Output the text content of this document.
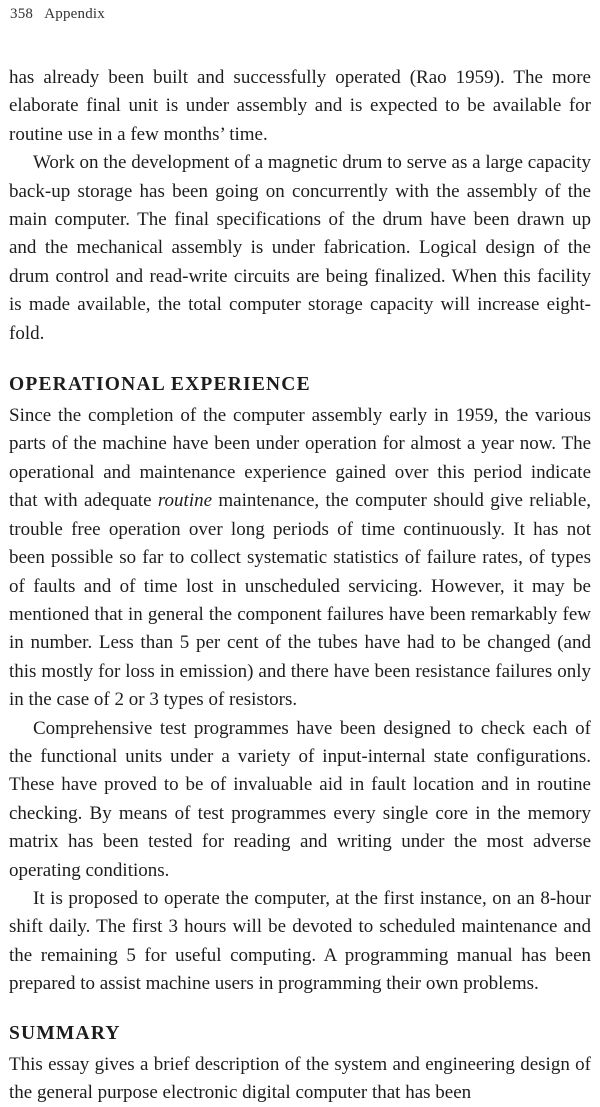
358 Appendix

has already been built and successfully operated (Rao 1959). The more elaborate final unit is under assembly and is expected to be available for routine use in a few months’ time.

Work on the development of a magnetic drum to serve as a large capacity back-up storage has been going on concurrently with the assembly of the main computer. The final specifications of the drum have been drawn up and the mechanical assembly is under fabrication. Logical design of the drum control and read-write circuits are being finalized. When this facility is made available, the total computer storage capacity will increase eight-fold.

OPERATIONAL EXPERIENCE

Since the completion of the computer assembly early in 1959, the various parts of the machine have been under operation for almost a year now. The operational and maintenance experience gained over this period indicate that with adequate routine maintenance, the computer should give reliable, trouble free operation over long periods of time continuously. It has not been possible so far to collect systematic statistics of failure rates, of types of faults and of time lost in unscheduled servicing. However, it may be mentioned that in general the component failures have been remarkably few in number. Less than 5 per cent of the tubes have had to be changed (and this mostly for loss in emission) and there have been resistance failures only in the case of 2 or 3 types of resistors.

Comprehensive test programmes have been designed to check each of the functional units under a variety of input-internal state configurations. These have proved to be of invaluable aid in fault location and in routine checking. By means of test programmes every single core in the memory matrix has been tested for reading and writing under the most adverse operating conditions.

It is proposed to operate the computer, at the first instance, on an 8-hour shift daily. The first 3 hours will be devoted to scheduled maintenance and the remaining 5 for useful computing. A programming manual has been prepared to assist machine users in programming their own problems.

SUMMARY

This essay gives a brief description of the system and engineering design of the general purpose electronic digital computer that has been
